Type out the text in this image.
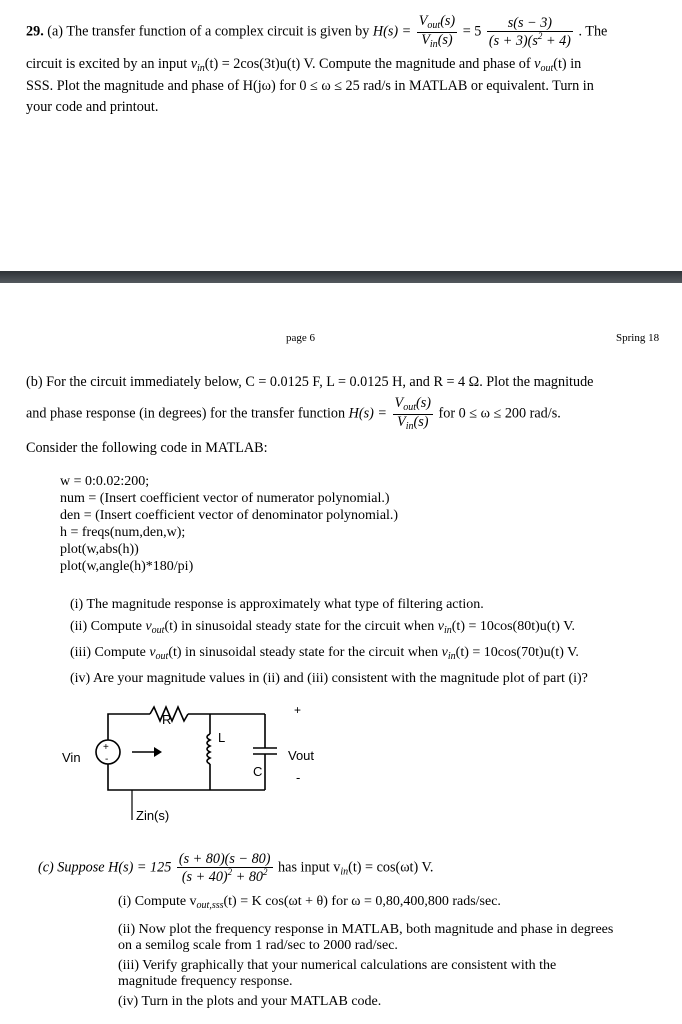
29. (a) The transfer function of a complex circuit is given by $H(s) = \frac{V_{out}(s)}{V_{in}(s)} = 5 \frac{s(s - 3)}{(s + 3)(s^2 + 4)}$ . The
circuit is excited by an input $v_{in}(t) = 2\cos(3t)u(t)$ V. Compute the magnitude and phase of $v_{out}(t)$ in
SSS. Plot the magnitude and phase of H(jω) for 0 ≤ ω ≤ 25 rad/s in MATLAB or equivalent. Turn in
your code and printout.
page 6	Spring 18
(b) For the circuit immediately below, C = 0.0125 F, L = 0.0125 H, and R = 4 Ω. Plot the magnitude
and phase response (in degrees) for the transfer function $H(s) = \frac{V_{out}(s)}{V_{in}(s)}$ for 0 ≤ ω ≤ 200 rad/s.
Consider the following code in MATLAB:
w = 0:0.02:200;
num = (Insert coefficient vector of numerator polynomial.)
den = (Insert coefficient vector of denominator polynomial.)
h = freqs(num,den,w);
plot(w,abs(h))
plot(w,angle(h)*180/pi)
(i) The magnitude response is approximately what type of filtering action.
(ii) Compute $v_{out}(t)$ in sinusoidal steady state for the circuit when $v_{in}(t) = 10\cos(80t)u(t)$ V.
(iii) Compute $v_{out}(t)$ in sinusoidal steady state for the circuit when $v_{in}(t) = 10\cos(70t)u(t)$ V.
(iv) Are your magnitude values in (ii) and (iii) consistent with the magnitude plot of part (i)?
+
-
R
L
C
+
-
Vout
Vin
Zin(s)
(c) Suppose $H(s) = 125 \frac{(s + 80)(s - 80)}{(s + 40)^2 + 80^2}$ has input $v_{in}(t) = \cos(\omega t)$ V.
(i) Compute $v_{out,sss}(t) = K$ cos(ωt + θ) for ω = 0,80,400,800 rads/sec.
(ii) Now plot the frequency response in MATLAB, both magnitude and phase in degrees
on a semilog scale from 1 rad/sec to 2000 rad/sec.
(iii) Verify graphically that your numerical calculations are consistent with the
magnitude frequency response.
(iv) Turn in the plots and your MATLAB code.
